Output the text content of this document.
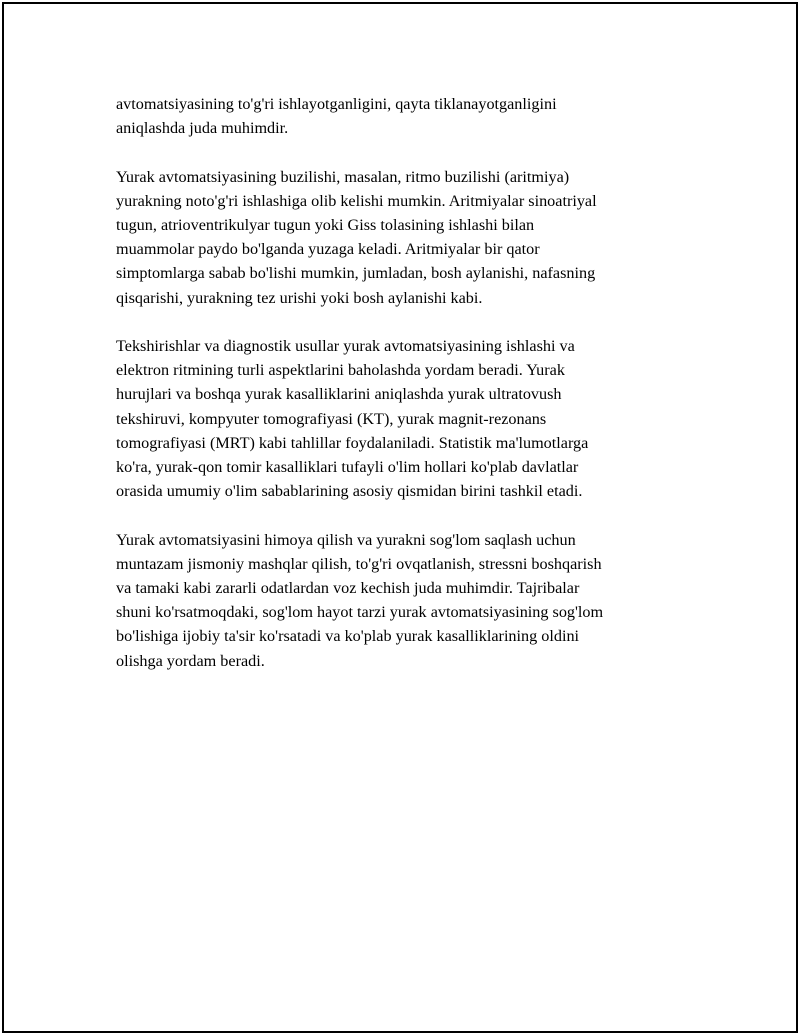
avtomatsiyasining to'g'ri ishlayotganligini, qayta tiklanayotganligini
aniqlashda juda muhimdir.

Yurak avtomatsiyasining buzilishi, masalan, ritmo buzilishi (aritmiya)
yurakning noto'g'ri ishlashiga olib kelishi mumkin. Aritmiyalar sinoatriyal
tugun, atrioventrikulyar tugun yoki Giss tolasining ishlashi bilan
muammolar paydo bo'lganda yuzaga keladi. Aritmiyalar bir qator
simptomlarga sabab bo'lishi mumkin, jumladan, bosh aylanishi, nafasning
qisqarishi, yurakning tez urishi yoki bosh aylanishi kabi.

Tekshirishlar va diagnostik usullar yurak avtomatsiyasining ishlashi va
elektron ritmining turli aspektlarini baholashda yordam beradi. Yurak
hurujlari va boshqa yurak kasalliklarini aniqlashda yurak ultratovush
tekshiruvi, kompyuter tomografiyasi (KT), yurak magnit-rezonans
tomografiyasi (MRT) kabi tahlillar foydalaniladi. Statistik ma'lumotlarga
ko'ra, yurak-qon tomir kasalliklari tufayli o'lim hollari ko'plab davlatlar
orasida umumiy o'lim sabablarining asosiy qismidan birini tashkil etadi.

Yurak avtomatsiyasini himoya qilish va yurakni sog'lom saqlash uchun
muntazam jismoniy mashqlar qilish, to'g'ri ovqatlanish, stressni boshqarish
va tamaki kabi zararli odatlardan voz kechish juda muhimdir. Tajribalar
shuni ko'rsatmoqdaki, sog'lom hayot tarzi yurak avtomatsiyasining sog'lom
bo'lishiga ijobiy ta'sir ko'rsatadi va ko'plab yurak kasalliklarining oldini
olishga yordam beradi.
